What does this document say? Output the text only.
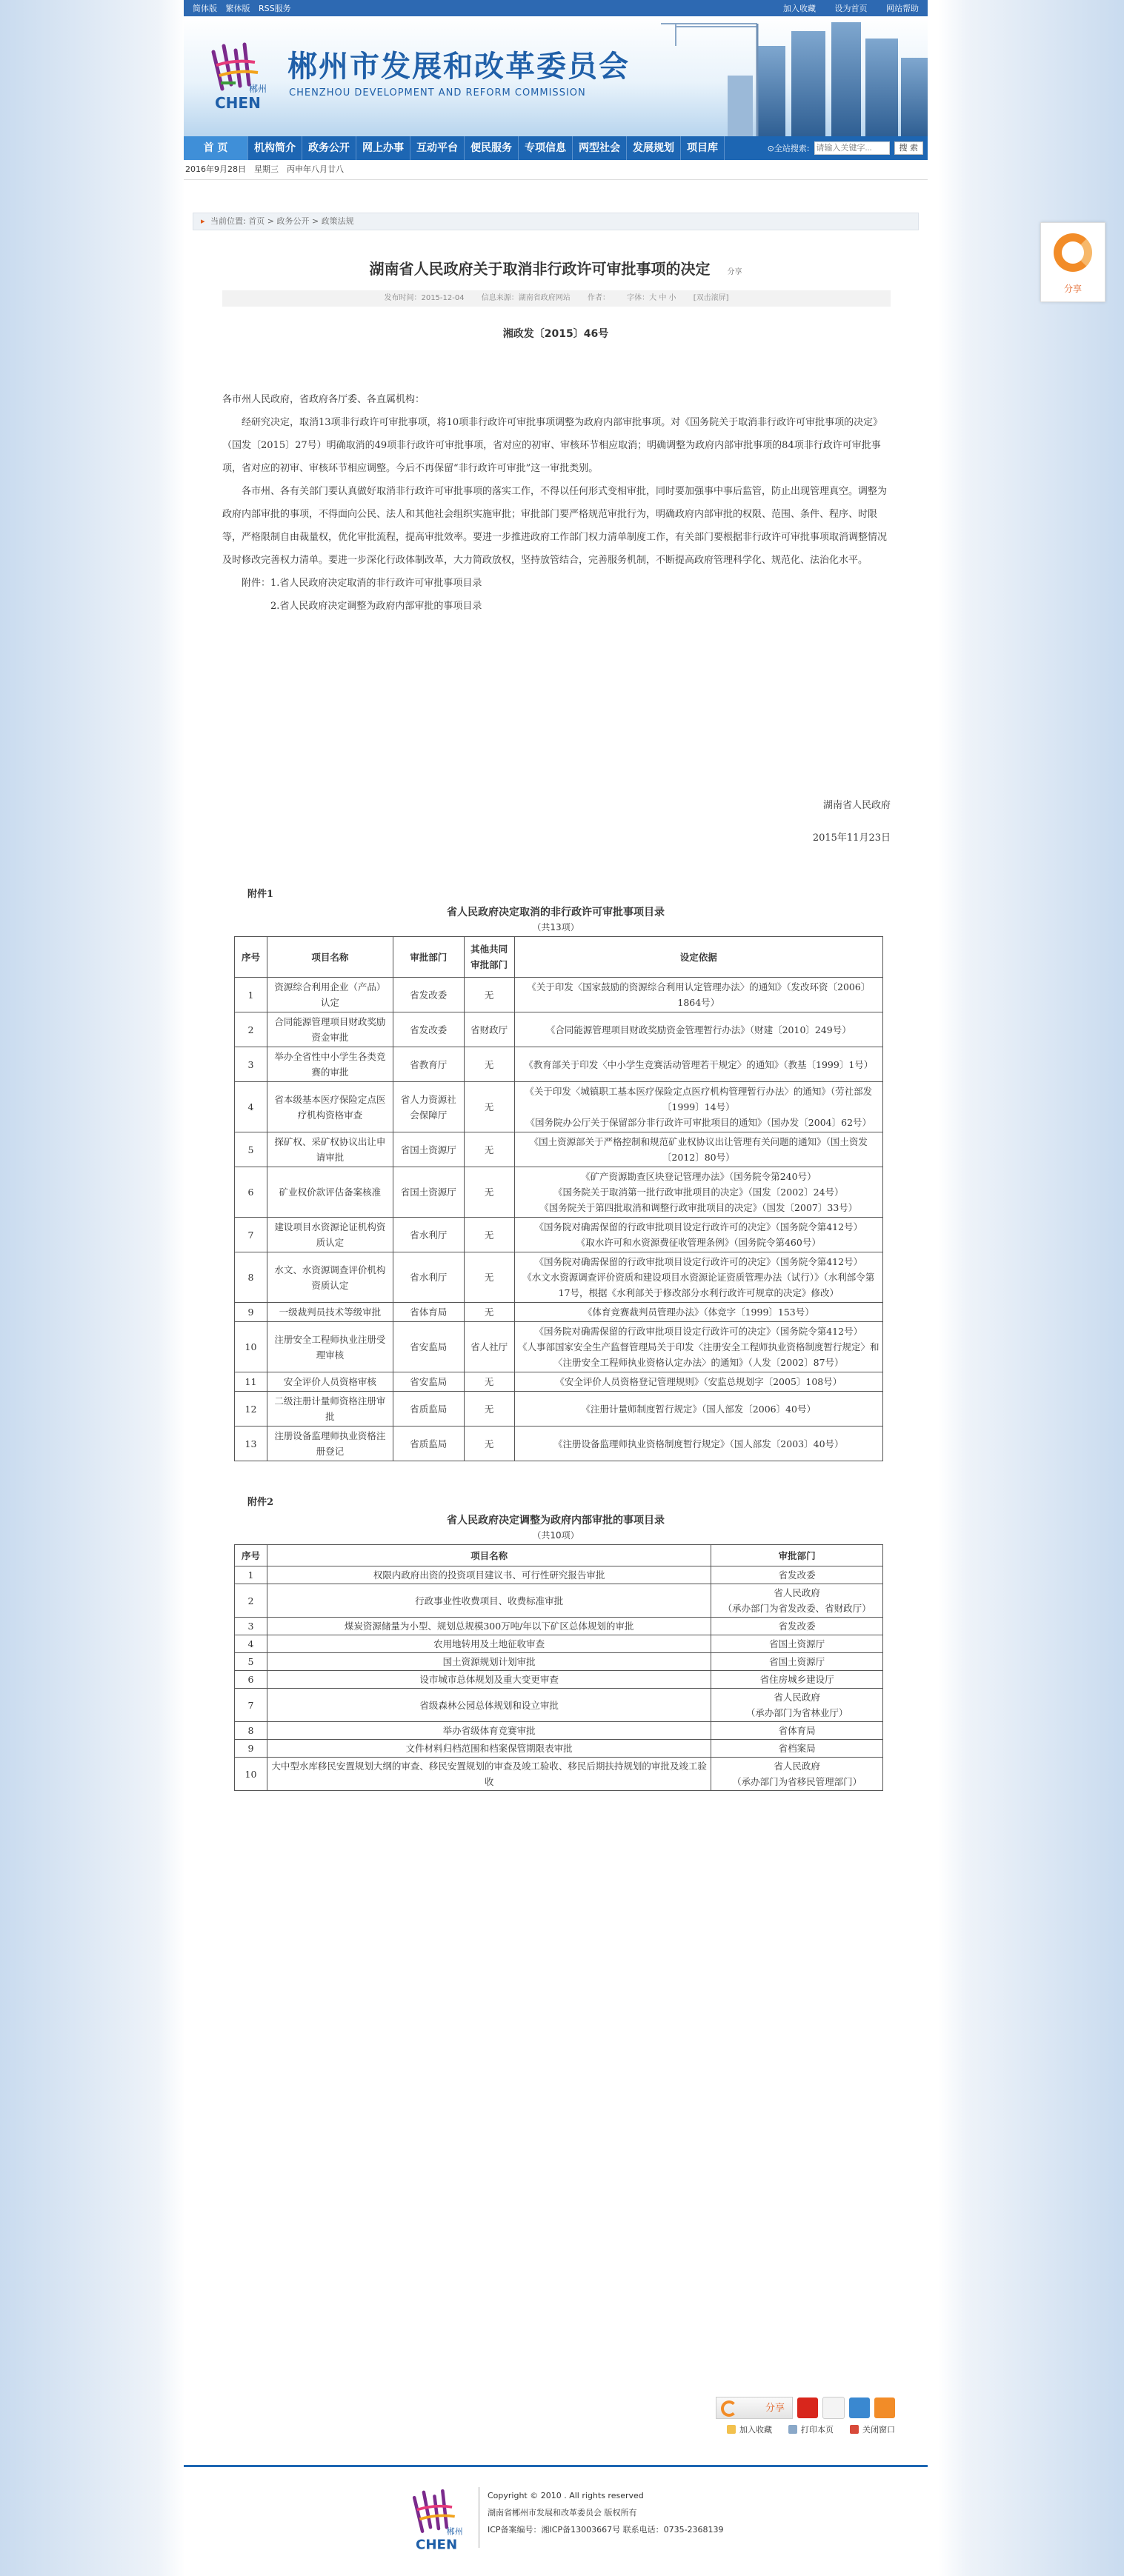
分享
简体版 繁体版 RSS服务	加入收藏 设为首页 网站帮助
郴州
CHEN
郴州市发展和改革委员会
CHENZHOU DEVELOPMENT AND REFORM COMMISSION
首 页	机构简介	政务公开	网上办事	互动平台	便民服务	专项信息	两型社会	发展规划	项目库	⊙ 全站搜索:
请输入关键字...	搜 索
2016年9月28日　星期三　丙申年八月廿八
▸ 当前位置: 首页 > 政务公开 > 政策法规
湖南省人民政府关于取消非行政许可审批事项的决定 分享
发布时间：2015-12-04 信息来源：湖南省政府网站 作者： 字体：大 中 小 [双击滚屏]
湘政发〔2015〕46号

各市州人民政府，省政府各厅委、各直属机构：

经研究决定，取消13项非行政许可审批事项，将10项非行政许可审批事项调整为政府内部审批事项。对《国务院关于取消非行政许可审批事项的决定》（国发〔2015〕27号）明确取消的49项非行政许可审批事项，省对应的初审、审核环节相应取消；明确调整为政府内部审批事项的84项非行政许可审批事项，省对应的初审、审核环节相应调整。今后不再保留“非行政许可审批”这一审批类别。

各市州、各有关部门要认真做好取消非行政许可审批事项的落实工作，不得以任何形式变相审批，同时要加强事中事后监管，防止出现管理真空。调整为政府内部审批的事项，不得面向公民、法人和其他社会组织实施审批；审批部门要严格规范审批行为，明确政府内部审批的权限、范围、条件、程序、时限等，严格限制自由裁量权，优化审批流程，提高审批效率。要进一步推进政府工作部门权力清单制度工作，有关部门要根据非行政许可审批事项取消调整情况及时修改完善权力清单。要进一步深化行政体制改革，大力简政放权，坚持放管结合，完善服务机制，不断提高政府管理科学化、规范化、法治化水平。

附件：1.省人民政府决定取消的非行政许可审批事项目录

2.省人民政府决定调整为政府内部审批的事项目录

湖南省人民政府
2015年11月23日
附件1
省人民政府决定取消的非行政许可审批事项目录
（共13项）
序号	项目名称	审批部门	其他共同审批部门	设定依据
1	资源综合利用企业（产品）认定	省发改委	无	《关于印发〈国家鼓励的资源综合利用认定管理办法〉的通知》（发改环资〔2006〕1864号）
2	合同能源管理项目财政奖励资金审批	省发改委	省财政厅	《合同能源管理项目财政奖励资金管理暂行办法》（财建〔2010〕249号）
3	举办全省性中小学生各类竞赛的审批	省教育厅	无	《教育部关于印发〈中小学生竞赛活动管理若干规定〉的通知》（教基〔1999〕1号）
4	省本级基本医疗保险定点医疗机构资格审查	省人力资源社会保障厅	无	《关于印发〈城镇职工基本医疗保险定点医疗机构管理暂行办法〉的通知》（劳社部发〔1999〕14号）
《国务院办公厅关于保留部分非行政许可审批项目的通知》（国办发〔2004〕62号）
5	探矿权、采矿权协议出让申请审批	省国土资源厅	无	《国土资源部关于严格控制和规范矿业权协议出让管理有关问题的通知》（国土资发〔2012〕80号）
6	矿业权价款评估备案核准	省国土资源厅	无	《矿产资源勘查区块登记管理办法》（国务院令第240号）
《国务院关于取消第一批行政审批项目的决定》（国发〔2002〕24号）
《国务院关于第四批取消和调整行政审批项目的决定》（国发〔2007〕33号）
7	建设项目水资源论证机构资质认定	省水利厅	无	《国务院对确需保留的行政审批项目设定行政许可的决定》（国务院令第412号）
《取水许可和水资源费征收管理条例》（国务院令第460号）
8	水文、水资源调查评价机构资质认定	省水利厅	无	《国务院对确需保留的行政审批项目设定行政许可的决定》（国务院令第412号）
《水文水资源调查评价资质和建设项目水资源论证资质管理办法（试行）》（水利部令第17号，根据《水利部关于修改部分水利行政许可规章的决定》修改）
9	一级裁判员技术等级审批	省体育局	无	《体育竞赛裁判员管理办法》（体竞字〔1999〕153号）
10	注册安全工程师执业注册受理审核	省安监局	省人社厅	《国务院对确需保留的行政审批项目设定行政许可的决定》（国务院令第412号）
《人事部国家安全生产监督管理局关于印发〈注册安全工程师执业资格制度暂行规定〉和〈注册安全工程师执业资格认定办法〉的通知》（人发〔2002〕87号）
11	安全评价人员资格审核	省安监局	无	《安全评价人员资格登记管理规则》（安监总规划字〔2005〕108号）
12	二级注册计量师资格注册审批	省质监局	无	《注册计量师制度暂行规定》（国人部发〔2006〕40号）
13	注册设备监理师执业资格注册登记	省质监局	无	《注册设备监理师执业资格制度暂行规定》（国人部发〔2003〕40号）
附件2
省人民政府决定调整为政府内部审批的事项目录
（共10项）
序号	项目名称	审批部门
1	权限内政府出资的投资项目建议书、可行性研究报告审批	省发改委
2	行政事业性收费项目、收费标准审批	省人民政府
（承办部门为省发改委、省财政厅）
3	煤炭资源储量为小型、规划总规模300万吨/年以下矿区总体规划的审批	省发改委
4	农用地转用及土地征收审查	省国土资源厅
5	国土资源规划计划审批	省国土资源厅
6	设市城市总体规划及重大变更审查	省住房城乡建设厅
7	省级森林公园总体规划和设立审批	省人民政府
（承办部门为省林业厅）
8	举办省级体育竞赛审批	省体育局
9	文件材料归档范围和档案保管期限表审批	省档案局
10	大中型水库移民安置规划大纲的审查、移民安置规划的审查及竣工验收、移民后期扶持规划的审批及竣工验收	省人民政府
（承办部门为省移民管理部门）
分享
加入收藏	打印本页	关闭窗口
郴州
CHEN
Copyright © 2010 . All rights reserved
湖南省郴州市发展和改革委员会 版权所有
ICP备案编号：湘ICP备13003667号 联系电话：0735-2368139
